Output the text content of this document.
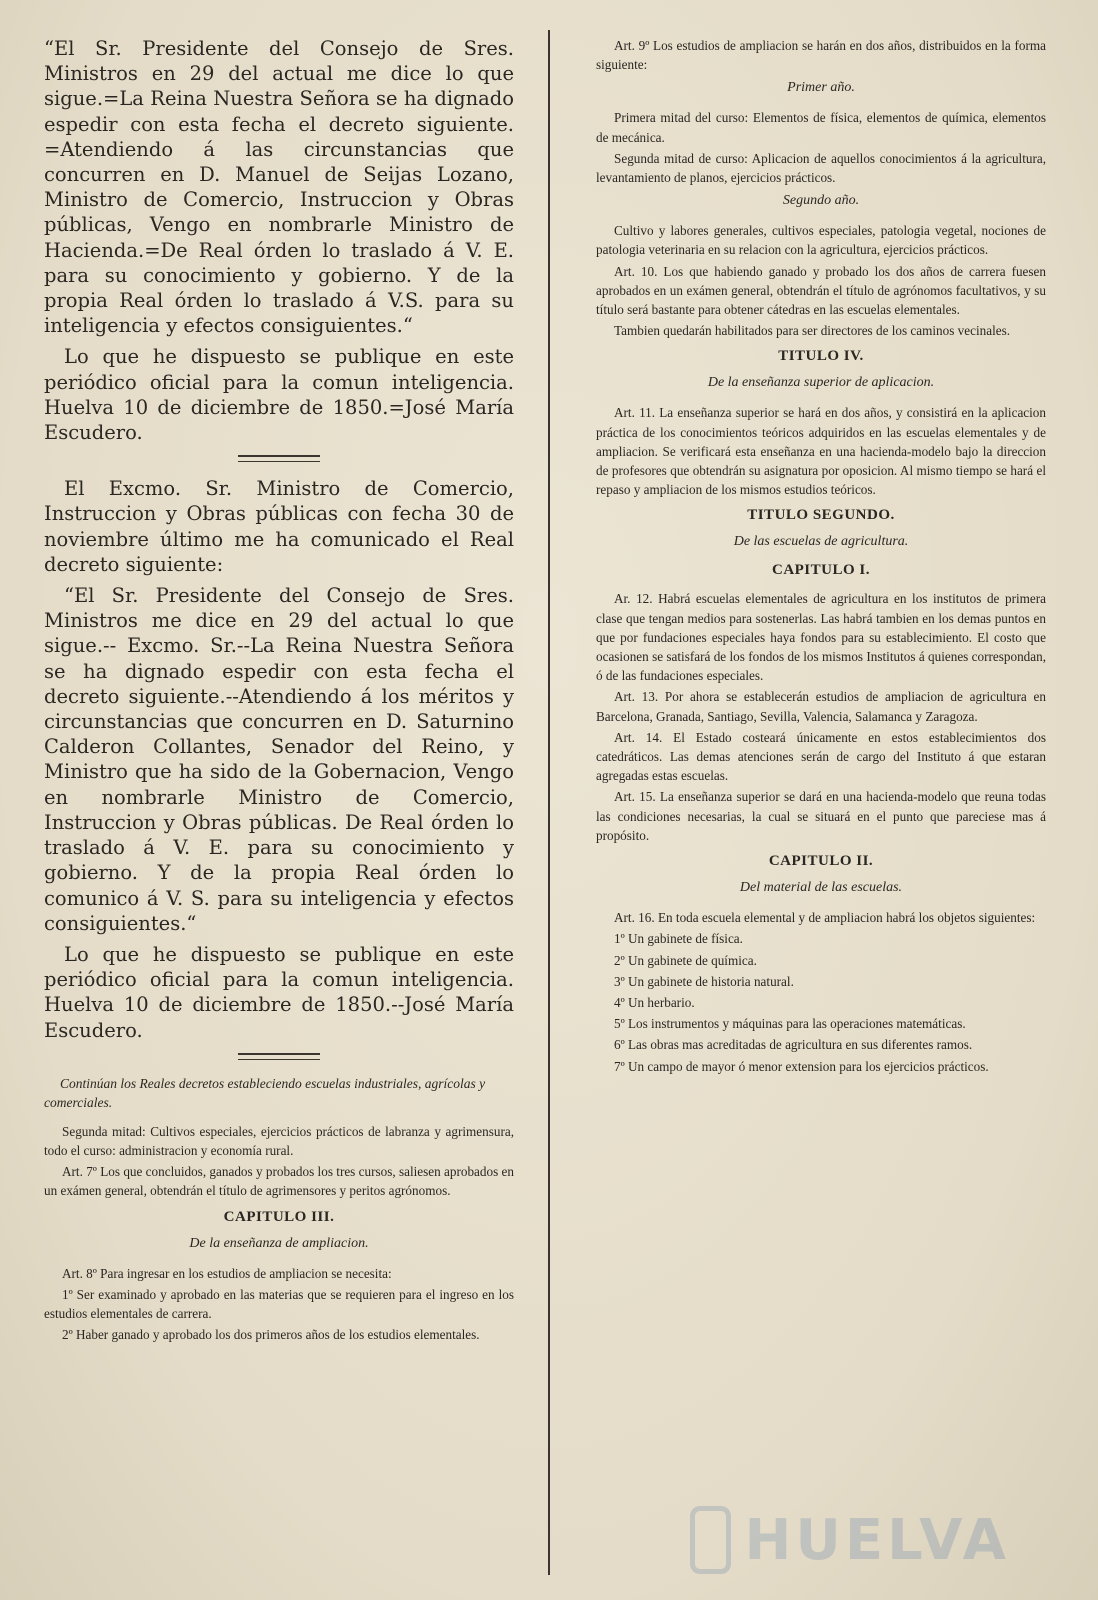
“El Sr. Presidente del Consejo de Sres. Ministros en 29 del actual me dice lo que sigue.=La Reina Nuestra Señora se ha dignado espedir con esta fecha el decreto siguiente. =Atendiendo á las circunstancias que concurren en D. Manuel de Seijas Lozano, Ministro de Comercio, Instruccion y Obras públicas, Vengo en nombrarle Ministro de Hacienda.=De Real órden lo traslado á V. E. para su conocimiento y gobierno. Y de la propia Real órden lo traslado á V.S. para su inteligencia y efectos consiguientes.“

Lo que he dispuesto se publique en este periódico oficial para la comun inteligencia. Huelva 10 de diciembre de 1850.=José María Escudero.

El Excmo. Sr. Ministro de Comercio, Instruccion y Obras públicas con fecha 30 de noviembre último me ha comunicado el Real decreto siguiente:

“El Sr. Presidente del Consejo de Sres. Ministros me dice en 29 del actual lo que sigue.-- Excmo. Sr.--La Reina Nuestra Señora se ha dignado espedir con esta fecha el decreto siguiente.--Atendiendo á los méritos y circunstancias que concurren en D. Saturnino Calderon Collantes, Senador del Reino, y Ministro que ha sido de la Gobernacion, Vengo en nombrarle Ministro de Comercio, Instruccion y Obras públicas. De Real órden lo traslado á V. E. para su conocimiento y gobierno. Y de la propia Real órden lo comunico á V. S. para su inteligencia y efectos consiguientes.“

Lo que he dispuesto se publique en este periódico oficial para la comun inteligencia. Huelva 10 de diciembre de 1850.--José María Escudero.

Continúan los Reales decretos estableciendo escuelas industriales, agrícolas y comerciales.

Segunda mitad: Cultivos especiales, ejercicios prácticos de labranza y agrimensura, todo el curso: administracion y economía rural.

Art. 7º Los que concluidos, ganados y probados los tres cursos, saliesen aprobados en un exámen general, obtendrán el título de agrimensores y peritos agrónomos.

CAPITULO III.
De la enseñanza de ampliacion.

Art. 8º Para ingresar en los estudios de ampliacion se necesita:

1º Ser examinado y aprobado en las materias que se requieren para el ingreso en los estudios elementales de carrera.

2º Haber ganado y aprobado los dos primeros años de los estudios elementales.

Art. 9º Los estudios de ampliacion se harán en dos años, distribuidos en la forma siguiente:

Primer año.

Primera mitad del curso: Elementos de física, elementos de química, elementos de mecánica.

Segunda mitad de curso: Aplicacion de aquellos conocimientos á la agricultura, levantamiento de planos, ejercicios prácticos.

Segundo año.

Cultivo y labores generales, cultivos especiales, patologia vegetal, nociones de patologia veterinaria en su relacion con la agricultura, ejercicios prácticos.

Art. 10. Los que habiendo ganado y probado los dos años de carrera fuesen aprobados en un exámen general, obtendrán el título de agrónomos facultativos, y su título será bastante para obtener cátedras en las escuelas elementales.

Tambien quedarán habilitados para ser directores de los caminos vecinales.

TITULO IV.
De la enseñanza superior de aplicacion.

Art. 11. La enseñanza superior se hará en dos años, y consistirá en la aplicacion práctica de los conocimientos teóricos adquiridos en las escuelas elementales y de ampliacion. Se verificará esta enseñanza en una hacienda-modelo bajo la direccion de profesores que obtendrán su asignatura por oposicion. Al mismo tiempo se hará el repaso y ampliacion de los mismos estudios teóricos.

TITULO SEGUNDO.
De las escuelas de agricultura.
CAPITULO I.

Ar. 12. Habrá escuelas elementales de agricultura en los institutos de primera clase que tengan medios para sostenerlas. Las habrá tambien en los demas puntos en que por fundaciones especiales haya fondos para su establecimiento. El costo que ocasionen se satisfará de los fondos de los mismos Institutos á quienes correspondan, ó de las fundaciones especiales.

Art. 13. Por ahora se establecerán estudios de ampliacion de agricultura en Barcelona, Granada, Santiago, Sevilla, Valencia, Salamanca y Zaragoza.

Art. 14. El Estado costeará únicamente en estos establecimientos dos catedráticos. Las demas atenciones serán de cargo del Instituto á que estaran agregadas estas escuelas.

Art. 15. La enseñanza superior se dará en una hacienda-modelo que reuna todas las condiciones necesarias, la cual se situará en el punto que pareciese mas á propósito.

CAPITULO II.
Del material de las escuelas.

Art. 16. En toda escuela elemental y de ampliacion habrá los objetos siguientes:

1º Un gabinete de física.

2º Un gabinete de química.

3º Un gabinete de historia natural.

4º Un herbario.

5º Los instrumentos y máquinas para las operaciones matemáticas.

6º Las obras mas acreditadas de agricultura en sus diferentes ramos.

7º Un campo de mayor ó menor extension para los ejercicios prácticos.

HUELVA
